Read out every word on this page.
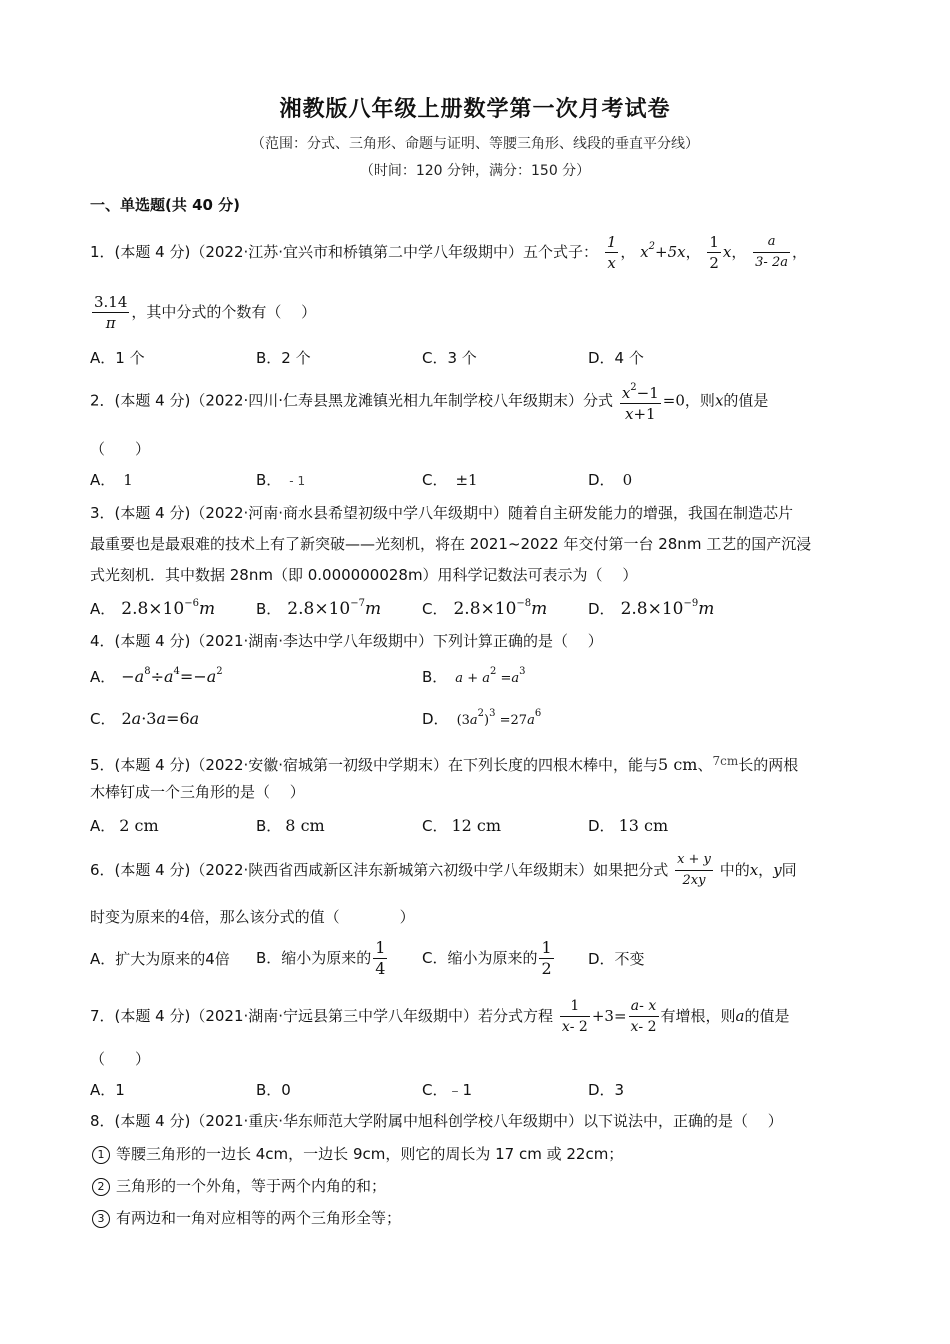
湘教版八年级上册数学第一次月考试卷
（范围：分式、三角形、命题与证明、等腰三角形、线段的垂直平分线）
（时间：120 分钟，满分：150 分）
一、单选题(共 40 分)
1．(本题 4 分)（2022·江苏·宜兴市和桥镇第二中学八年级期中）五个式子： $\frac{1}{x}$ ， $x^2+5x$， $\frac{1}{2}$ x， $\frac{a}{3- 2a}$ ，
$\frac{3.14}{\pi}$ ，其中分式的个数有（　 ）
A．1 个	B．2 个	C．3 个	D．4 个
2．(本题 4 分)（2022·四川·仁寿县黑龙滩镇光相九年制学校八年级期末）分式 $\frac{x^2-1}{x+1} =0$，则x的值是
（　　）
A． 1	B． - 1	C． ±1	D． 0
3．(本题 4 分)（2022·河南·商水县希望初级中学八年级期中）随着自主研发能力的增强，我国在制造芯片
最重要也是最艰难的技术上有了新突破——光刻机，将在 2021~2022 年交付第一台 28nm 工艺的国产沉浸
式光刻机．其中数据 28nm（即 0.000000028m）用科学记数法可表示为（　 ）
A． $2.8\times 10^{-6}m$	B． $2.8\times 10^{-7}m$	C． $2.8\times 10^{-8}m$	D． $2.8\times 10^{-9}m$
4．(本题 4 分)（2021·湖南·李达中学八年级期中）下列计算正确的是（　 ）
A． $-a^8\div a^4=-a^2$	B． $a + a^2 =a^3$
C． 2a·3a=6a	D． $(3a^2)^3 =27a^6$
5．(本题 4 分)（2022·安徽·宿城第一初级中学期末）在下列长度的四根木棒中，能与5 cm、$^{7cm}$长的两根
木棒钉成一个三角形的是（　 ）
A． 2 cm	B． 8 cm	C． 12 cm	D． 13 cm
6．(本题 4 分)（2022·陕西省西咸新区沣东新城第六初级中学八年级期末）如果把分式 $\frac{x + y}{2xy}$ 中的x，y同
时变为原来的4倍，那么该分式的值（　　　　）
A．扩大为原来的4倍 B．缩小为原来的 $\frac{1}{4}$ C．缩小为原来的 $\frac{1}{2}$ D．不变
7．(本题 4 分)（2021·湖南·宁远县第三中学八年级期中）若分式方程 $\frac{1}{x- 2} +3= \frac{a- x}{x- 2}$ 有增根，则a的值是
（　　）
A．1	B．0	C．﹣1	D．3
8．(本题 4 分)（2021·重庆·华东师范大学附属中旭科创学校八年级期中）以下说法中，正确的是（　 ）
1 等腰三角形的一边长 4cm，一边长 9cm，则它的周长为 17 cm 或 22cm；
2 三角形的一个外角，等于两个内角的和；
3 有两边和一角对应相等的两个三角形全等；
